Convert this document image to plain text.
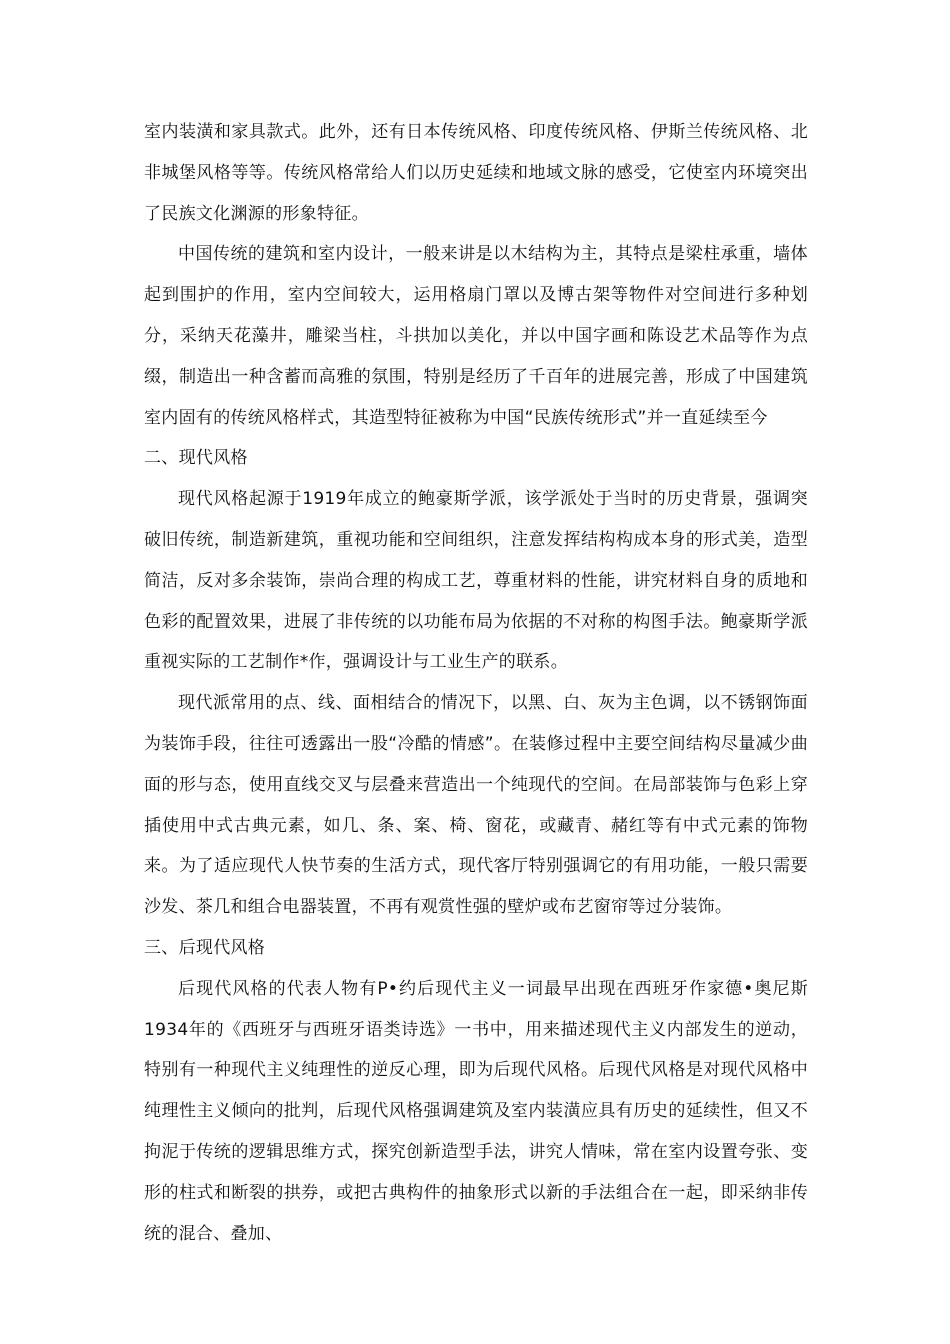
室内装潢和家具款式。此外，还有日本传统风格、印度传统风格、伊斯兰传统风格、北非城堡风格等等。传统风格常给人们以历史延续和地域文脉的感受，它使室内环境突出了民族文化渊源的形象特征。

中国传统的建筑和室内设计，一般来讲是以木结构为主，其特点是梁柱承重，墙体起到围护的作用，室内空间较大，运用格扇门罩以及博古架等物件对空间进行多种划分，采纳天花藻井，雕梁当柱，斗拱加以美化，并以中国字画和陈设艺术品等作为点缀，制造出一种含蓄而高雅的氛围，特别是经历了千百年的进展完善，形成了中国建筑室内固有的传统风格样式，其造型特征被称为中国“民族传统形式”并一直延续至今

二、现代风格

现代风格起源于1919年成立的鲍豪斯学派，该学派处于当时的历史背景，强调突破旧传统，制造新建筑，重视功能和空间组织，注意发挥结构构成本身的形式美，造型简洁，反对多余装饰，崇尚合理的构成工艺，尊重材料的性能，讲究材料自身的质地和色彩的配置效果，进展了非传统的以功能布局为依据的不对称的构图手法。鲍豪斯学派重视实际的工艺制作*作，强调设计与工业生产的联系。

现代派常用的点、线、面相结合的情况下，以黑、白、灰为主色调，以不锈钢饰面为装饰手段，往往可透露出一股“冷酷的情感”。在装修过程中主要空间结构尽量减少曲面的形与态，使用直线交叉与层叠来营造出一个纯现代的空间。在局部装饰与色彩上穿插使用中式古典元素，如几、条、案、椅、窗花，或藏青、赭红等有中式元素的饰物来。为了适应现代人快节奏的生活方式，现代客厅特别强调它的有用功能，一般只需要沙发、茶几和组合电器装置，不再有观赏性强的壁炉或布艺窗帘等过分装饰。

三、后现代风格

后现代风格的代表人物有P•约后现代主义一词最早出现在西班牙作家德•奥尼斯1934年的《西班牙与西班牙语类诗选》一书中，用来描述现代主义内部发生的逆动，特别有一种现代主义纯理性的逆反心理，即为后现代风格。后现代风格是对现代风格中纯理性主义倾向的批判，后现代风格强调建筑及室内装潢应具有历史的延续性，但又不拘泥于传统的逻辑思维方式，探究创新造型手法，讲究人情味，常在室内设置夸张、变形的柱式和断裂的拱券，或把古典构件的抽象形式以新的手法组合在一起，即采纳非传统的混合、叠加、
